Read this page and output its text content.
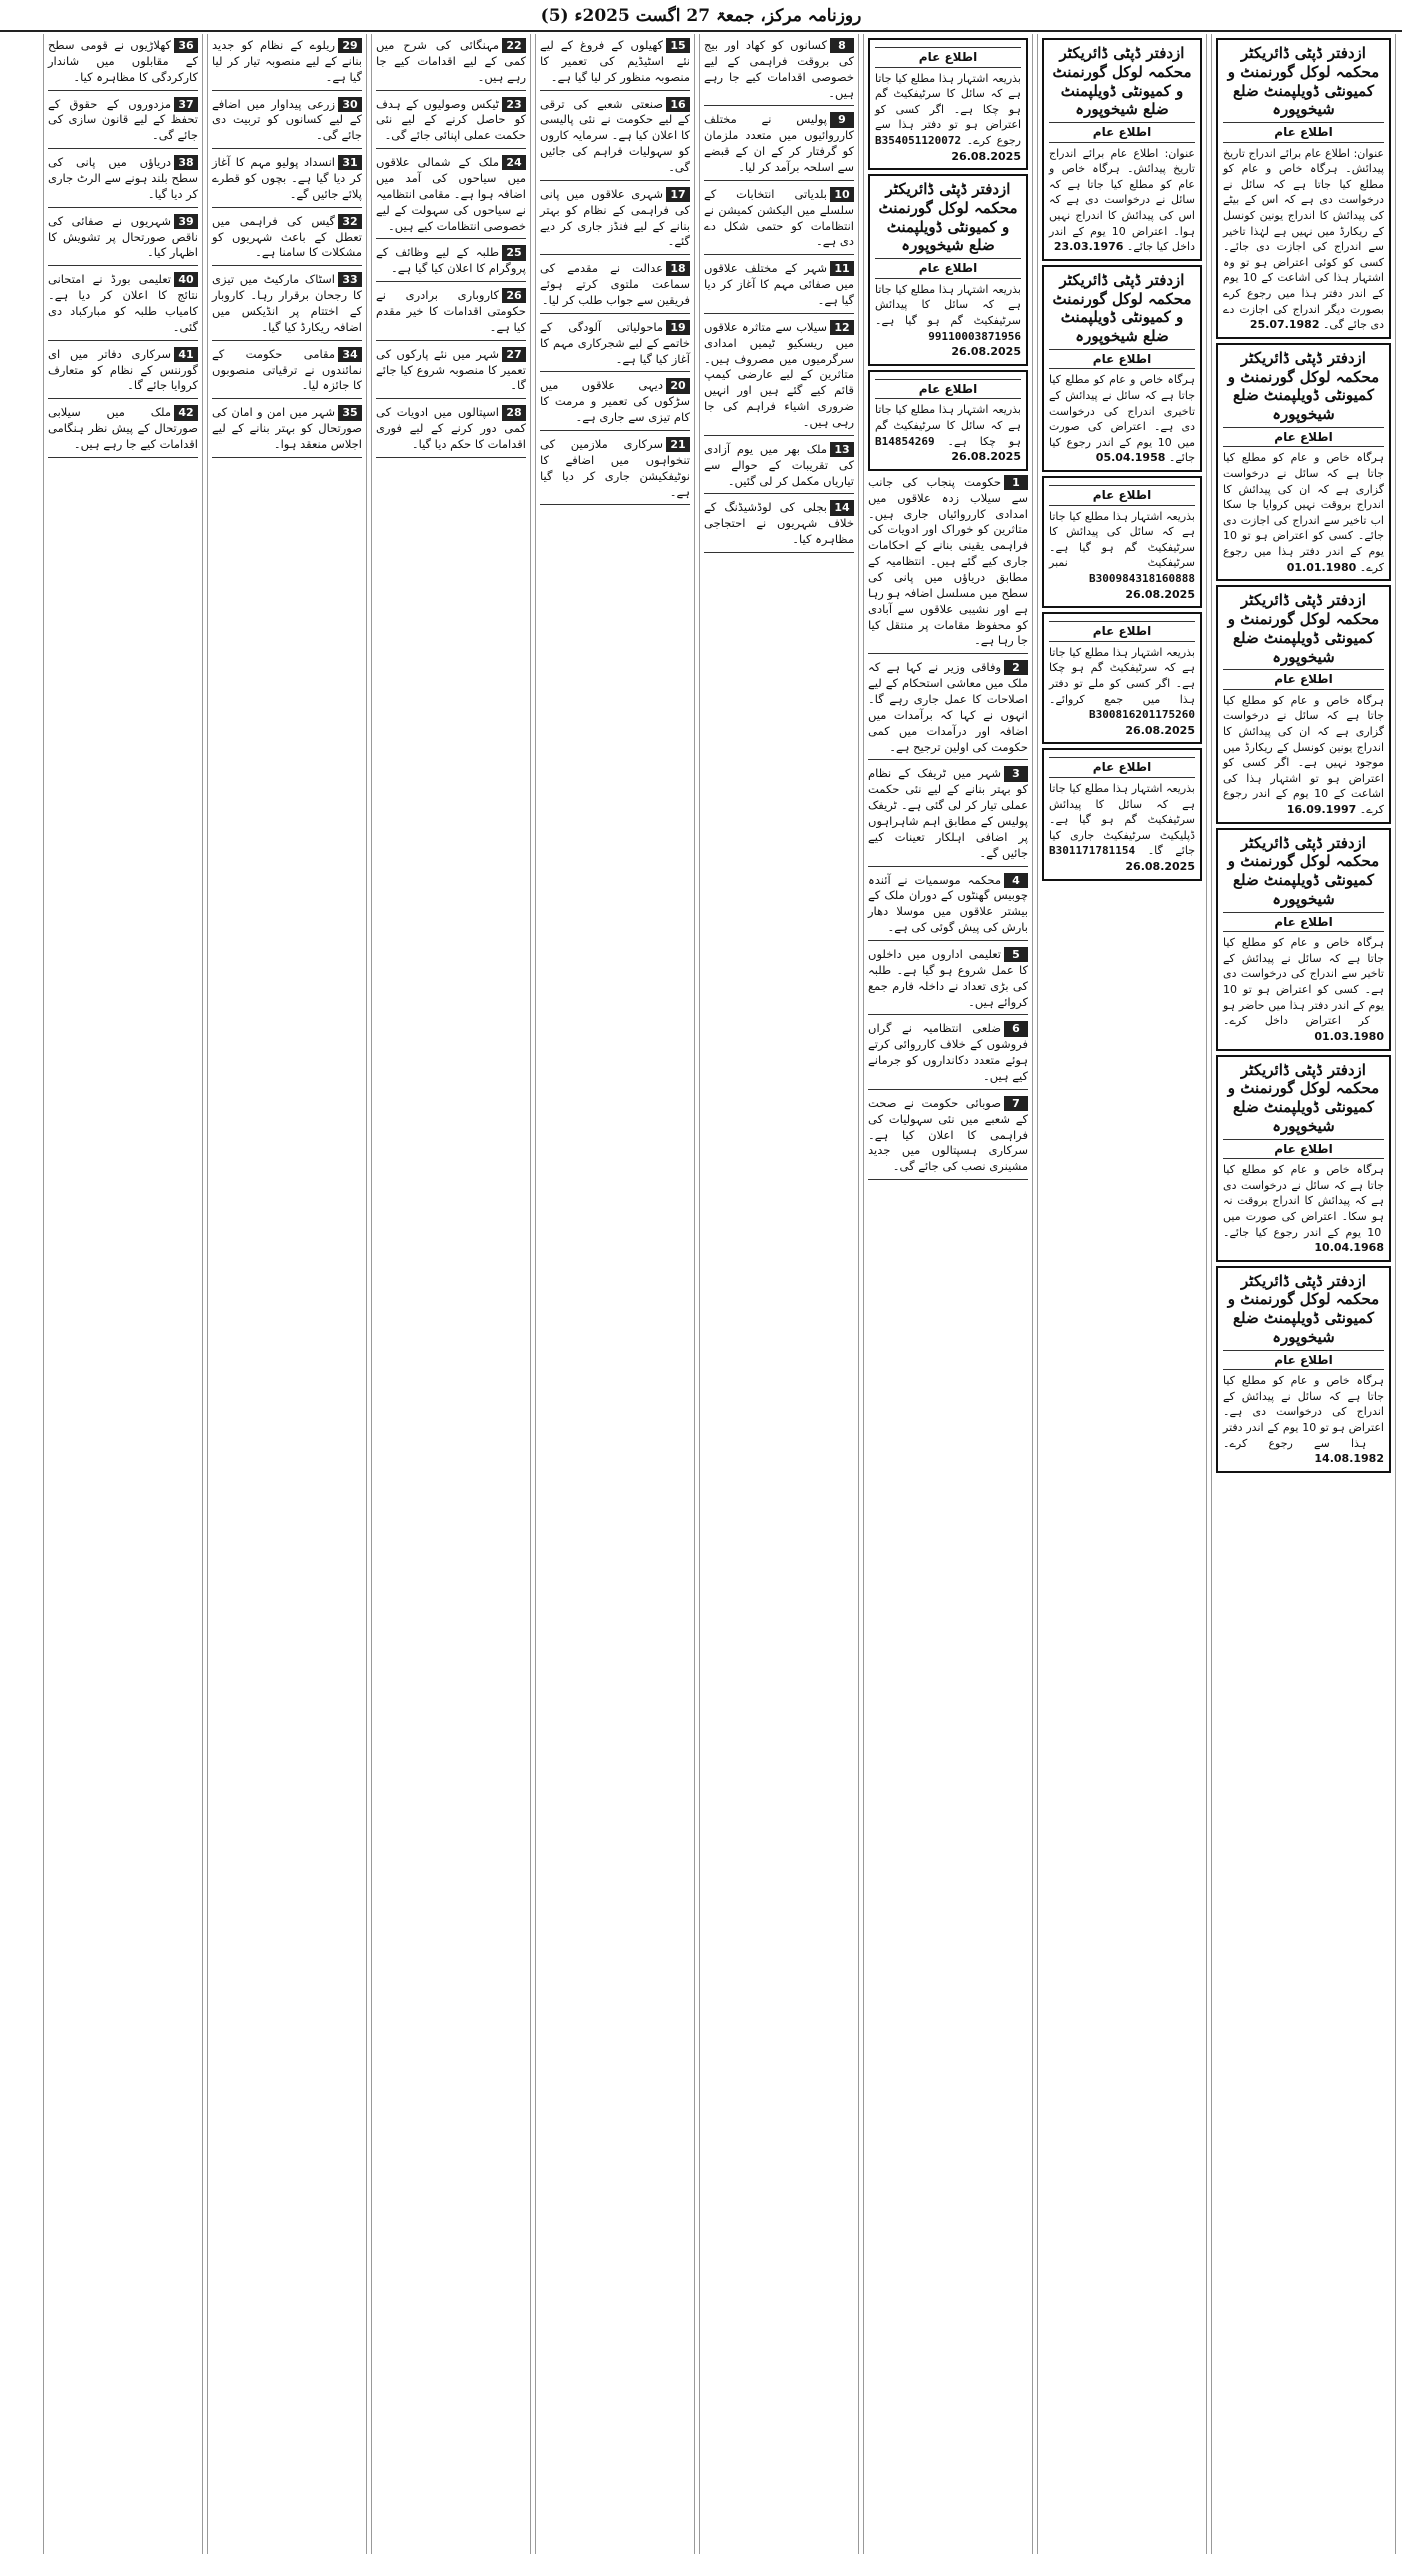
روزنامہ مرکز، جمعۃ 27 اگست 2025ء (5)
ازدفتر ڈپٹی ڈائریکٹر محکمہ لوکل گورنمنٹ و کمیونٹی ڈویلپمنٹ ضلع شیخوپورہ
اطلاع عام
عنوان: اطلاع عام برائے اندراج تاریخ پیدائش۔ ہرگاہ خاص و عام کو مطلع کیا جاتا ہے کہ سائل نے درخواست دی ہے کہ اس کے بیٹے کی پیدائش کا اندراج یونین کونسل کے ریکارڈ میں نہیں ہے لہٰذا تاخیر سے اندراج کی اجازت دی جائے۔ کسی کو کوئی اعتراض ہو تو وہ اشتہار ہذا کی اشاعت کے 10 یوم کے اندر دفتر ہذا میں رجوع کرے بصورت دیگر اندراج کی اجازت دے دی جائے گی۔ 25.07.1982
ازدفتر ڈپٹی ڈائریکٹر محکمہ لوکل گورنمنٹ و کمیونٹی ڈویلپمنٹ ضلع شیخوپورہ
اطلاع عام
ہرگاہ خاص و عام کو مطلع کیا جاتا ہے کہ سائل نے درخواست گزاری ہے کہ ان کی پیدائش کا اندراج بروقت نہیں کروایا جا سکا اب تاخیر سے اندراج کی اجازت دی جائے۔ کسی کو اعتراض ہو تو 10 یوم کے اندر دفتر ہذا میں رجوع کرے۔ 01.01.1980
ازدفتر ڈپٹی ڈائریکٹر محکمہ لوکل گورنمنٹ و کمیونٹی ڈویلپمنٹ ضلع شیخوپورہ
اطلاع عام
ہرگاہ خاص و عام کو مطلع کیا جاتا ہے کہ سائل نے درخواست گزاری ہے کہ ان کی پیدائش کا اندراج یونین کونسل کے ریکارڈ میں موجود نہیں ہے۔ اگر کسی کو اعتراض ہو تو اشتہار ہذا کی اشاعت کے 10 یوم کے اندر رجوع کرے۔ 16.09.1997
ازدفتر ڈپٹی ڈائریکٹر محکمہ لوکل گورنمنٹ و کمیونٹی ڈویلپمنٹ ضلع شیخوپورہ
اطلاع عام
ہرگاہ خاص و عام کو مطلع کیا جاتا ہے کہ سائل نے پیدائش کے تاخیر سے اندراج کی درخواست دی ہے۔ کسی کو اعتراض ہو تو 10 یوم کے اندر دفتر ہذا میں حاضر ہو کر اعتراض داخل کرے۔ 01.03.1980
ازدفتر ڈپٹی ڈائریکٹر محکمہ لوکل گورنمنٹ و کمیونٹی ڈویلپمنٹ ضلع شیخوپورہ
اطلاع عام
ہرگاہ خاص و عام کو مطلع کیا جاتا ہے کہ سائل نے درخواست دی ہے کہ پیدائش کا اندراج بروقت نہ ہو سکا۔ اعتراض کی صورت میں 10 یوم کے اندر رجوع کیا جائے۔ 10.04.1968
ازدفتر ڈپٹی ڈائریکٹر محکمہ لوکل گورنمنٹ و کمیونٹی ڈویلپمنٹ ضلع شیخوپورہ
اطلاع عام
ہرگاہ خاص و عام کو مطلع کیا جاتا ہے کہ سائل نے پیدائش کے اندراج کی درخواست دی ہے۔ اعتراض ہو تو 10 یوم کے اندر دفتر ہذا سے رجوع کرے۔ 14.08.1982
ازدفتر ڈپٹی ڈائریکٹر محکمہ لوکل گورنمنٹ و کمیونٹی ڈویلپمنٹ ضلع شیخوپورہ
اطلاع عام
عنوان: اطلاع عام برائے اندراج تاریخ پیدائش۔ ہرگاہ خاص و عام کو مطلع کیا جاتا ہے کہ سائل نے درخواست دی ہے کہ اس کی پیدائش کا اندراج نہیں ہوا۔ اعتراض 10 یوم کے اندر داخل کیا جائے۔ 23.03.1976
ازدفتر ڈپٹی ڈائریکٹر محکمہ لوکل گورنمنٹ و کمیونٹی ڈویلپمنٹ ضلع شیخوپورہ
اطلاع عام
ہرگاہ خاص و عام کو مطلع کیا جاتا ہے کہ سائل نے پیدائش کے تاخیری اندراج کی درخواست دی ہے۔ اعتراض کی صورت میں 10 یوم کے اندر رجوع کیا جائے۔ 05.04.1958
اطلاع عام
بذریعہ اشتہار ہذا مطلع کیا جاتا ہے کہ سائل کی پیدائش کا سرٹیفکیٹ گم ہو گیا ہے۔ سرٹیفکیٹ نمبر B300984318160888 26.08.2025
اطلاع عام
بذریعہ اشتہار ہذا مطلع کیا جاتا ہے کہ سرٹیفکیٹ گم ہو چکا ہے۔ اگر کسی کو ملے تو دفتر ہذا میں جمع کروائے۔ B300816201175260 26.08.2025
اطلاع عام
بذریعہ اشتہار ہذا مطلع کیا جاتا ہے کہ سائل کا پیدائش سرٹیفکیٹ گم ہو گیا ہے۔ ڈپلیکیٹ سرٹیفکیٹ جاری کیا جائے گا۔ B301171781154 26.08.2025
اطلاع عام
بذریعہ اشتہار ہذا مطلع کیا جاتا ہے کہ سائل کا سرٹیفکیٹ گم ہو چکا ہے۔ اگر کسی کو اعتراض ہو تو دفتر ہذا سے رجوع کرے۔ B354051120072 26.08.2025
ازدفتر ڈپٹی ڈائریکٹر محکمہ لوکل گورنمنٹ و کمیونٹی ڈویلپمنٹ ضلع شیخوپورہ
اطلاع عام
بذریعہ اشتہار ہذا مطلع کیا جاتا ہے کہ سائل کا پیدائش سرٹیفکیٹ گم ہو گیا ہے۔ 99110003871956 26.08.2025
اطلاع عام
بذریعہ اشتہار ہذا مطلع کیا جاتا ہے کہ سائل کا سرٹیفکیٹ گم ہو چکا ہے۔ B14854269 26.08.2025

1حکومت پنجاب کی جانب سے سیلاب زدہ علاقوں میں امدادی کارروائیاں جاری ہیں۔ متاثرین کو خوراک اور ادویات کی فراہمی یقینی بنانے کے احکامات جاری کیے گئے ہیں۔ انتظامیہ کے مطابق دریاؤں میں پانی کی سطح میں مسلسل اضافہ ہو رہا ہے اور نشیبی علاقوں سے آبادی کو محفوظ مقامات پر منتقل کیا جا رہا ہے۔

2وفاقی وزیر نے کہا ہے کہ ملک میں معاشی استحکام کے لیے اصلاحات کا عمل جاری رہے گا۔ انہوں نے کہا کہ برآمدات میں اضافہ اور درآمدات میں کمی حکومت کی اولین ترجیح ہے۔

3شہر میں ٹریفک کے نظام کو بہتر بنانے کے لیے نئی حکمت عملی تیار کر لی گئی ہے۔ ٹریفک پولیس کے مطابق اہم شاہراہوں پر اضافی اہلکار تعینات کیے جائیں گے۔

4محکمہ موسمیات نے آئندہ چوبیس گھنٹوں کے دوران ملک کے بیشتر علاقوں میں موسلا دھار بارش کی پیش گوئی کی ہے۔

5تعلیمی اداروں میں داخلوں کا عمل شروع ہو گیا ہے۔ طلبہ کی بڑی تعداد نے داخلہ فارم جمع کروائے ہیں۔

6ضلعی انتظامیہ نے گراں فروشوں کے خلاف کارروائی کرتے ہوئے متعدد دکانداروں کو جرمانے کیے ہیں۔

7صوبائی حکومت نے صحت کے شعبے میں نئی سہولیات کی فراہمی کا اعلان کیا ہے۔ سرکاری ہسپتالوں میں جدید مشینری نصب کی جائے گی۔

8کسانوں کو کھاد اور بیج کی بروقت فراہمی کے لیے خصوصی اقدامات کیے جا رہے ہیں۔

9پولیس نے مختلف کارروائیوں میں متعدد ملزمان کو گرفتار کر کے ان کے قبضے سے اسلحہ برآمد کر لیا۔

10بلدیاتی انتخابات کے سلسلے میں الیکشن کمیشن نے انتظامات کو حتمی شکل دے دی ہے۔

11شہر کے مختلف علاقوں میں صفائی مہم کا آغاز کر دیا گیا ہے۔

12سیلاب سے متاثرہ علاقوں میں ریسکیو ٹیمیں امدادی سرگرمیوں میں مصروف ہیں۔ متاثرین کے لیے عارضی کیمپ قائم کیے گئے ہیں اور انہیں ضروری اشیاء فراہم کی جا رہی ہیں۔

13ملک بھر میں یوم آزادی کی تقریبات کے حوالے سے تیاریاں مکمل کر لی گئیں۔

14بجلی کی لوڈشیڈنگ کے خلاف شہریوں نے احتجاجی مظاہرہ کیا۔

15کھیلوں کے فروغ کے لیے نئے اسٹیڈیم کی تعمیر کا منصوبہ منظور کر لیا گیا ہے۔

16صنعتی شعبے کی ترقی کے لیے حکومت نے نئی پالیسی کا اعلان کیا ہے۔ سرمایہ کاروں کو سہولیات فراہم کی جائیں گی۔

17شہری علاقوں میں پانی کی فراہمی کے نظام کو بہتر بنانے کے لیے فنڈز جاری کر دیے گئے۔

18عدالت نے مقدمے کی سماعت ملتوی کرتے ہوئے فریقین سے جواب طلب کر لیا۔

19ماحولیاتی آلودگی کے خاتمے کے لیے شجرکاری مہم کا آغاز کیا گیا ہے۔

20دیہی علاقوں میں سڑکوں کی تعمیر و مرمت کا کام تیزی سے جاری ہے۔

21سرکاری ملازمین کی تنخواہوں میں اضافے کا نوٹیفکیشن جاری کر دیا گیا ہے۔

22مہنگائی کی شرح میں کمی کے لیے اقدامات کیے جا رہے ہیں۔

23ٹیکس وصولیوں کے ہدف کو حاصل کرنے کے لیے نئی حکمت عملی اپنائی جائے گی۔

24ملک کے شمالی علاقوں میں سیاحوں کی آمد میں اضافہ ہوا ہے۔ مقامی انتظامیہ نے سیاحوں کی سہولت کے لیے خصوصی انتظامات کیے ہیں۔

25طلبہ کے لیے وظائف کے پروگرام کا اعلان کیا گیا ہے۔

26کاروباری برادری نے حکومتی اقدامات کا خیر مقدم کیا ہے۔

27شہر میں نئے پارکوں کی تعمیر کا منصوبہ شروع کیا جائے گا۔

28اسپتالوں میں ادویات کی کمی دور کرنے کے لیے فوری اقدامات کا حکم دیا گیا۔

29ریلوے کے نظام کو جدید بنانے کے لیے منصوبہ تیار کر لیا گیا ہے۔

30زرعی پیداوار میں اضافے کے لیے کسانوں کو تربیت دی جائے گی۔

31انسداد پولیو مہم کا آغاز کر دیا گیا ہے۔ بچوں کو قطرے پلائے جائیں گے۔

32گیس کی فراہمی میں تعطل کے باعث شہریوں کو مشکلات کا سامنا ہے۔

33اسٹاک مارکیٹ میں تیزی کا رجحان برقرار رہا۔ کاروبار کے اختتام پر انڈیکس میں اضافہ ریکارڈ کیا گیا۔

34مقامی حکومت کے نمائندوں نے ترقیاتی منصوبوں کا جائزہ لیا۔

35شہر میں امن و امان کی صورتحال کو بہتر بنانے کے لیے اجلاس منعقد ہوا۔

36کھلاڑیوں نے قومی سطح کے مقابلوں میں شاندار کارکردگی کا مظاہرہ کیا۔

37مزدوروں کے حقوق کے تحفظ کے لیے قانون سازی کی جائے گی۔

38دریاؤں میں پانی کی سطح بلند ہونے سے الرٹ جاری کر دیا گیا۔

39شہریوں نے صفائی کی ناقص صورتحال پر تشویش کا اظہار کیا۔

40تعلیمی بورڈ نے امتحانی نتائج کا اعلان کر دیا ہے۔ کامیاب طلبہ کو مبارکباد دی گئی۔

41سرکاری دفاتر میں ای گورننس کے نظام کو متعارف کروایا جائے گا۔

42ملک میں سیلابی صورتحال کے پیش نظر ہنگامی اقدامات کیے جا رہے ہیں۔
